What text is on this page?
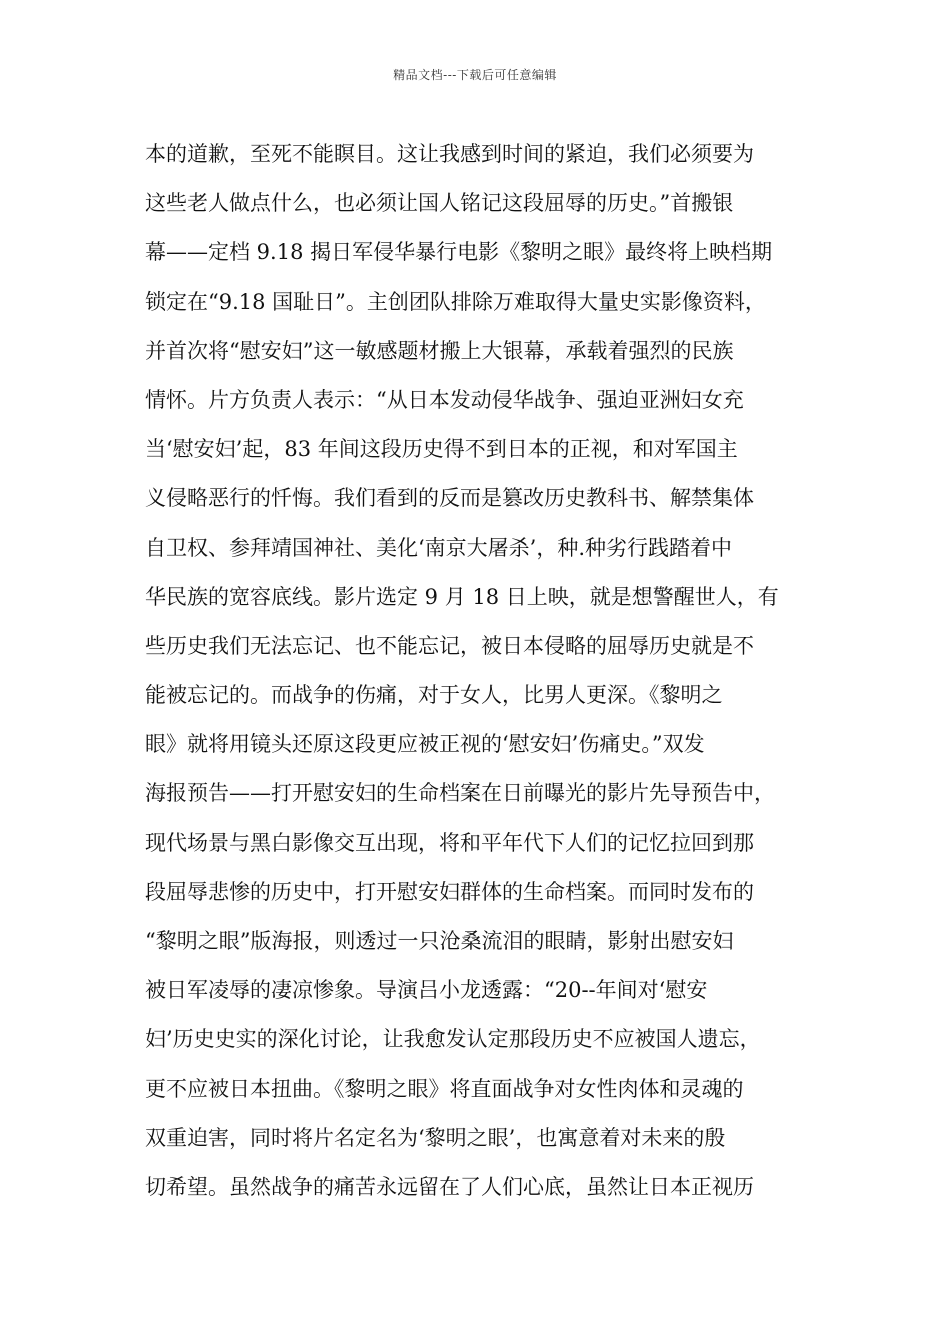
精品文档---下载后可任意编辑
本的道歉，至死不能瞑目。这让我感到时间的紧迫，我们必须要为
这些老人做点什么，也必须让国人铭记这段屈辱的历史。”首搬银
幕——定档 9.18 揭日军侵华暴行电影《黎明之眼》最终将上映档期
锁定在“9.18 国耻日”。主创团队排除万难取得大量史实影像资料，
并首次将“慰安妇”这一敏感题材搬上大银幕，承载着强烈的民族
情怀。片方负责人表示：“从日本发动侵华战争、强迫亚洲妇女充
当‘慰安妇’起，83 年间这段历史得不到日本的正视，和对军国主
义侵略恶行的忏悔。我们看到的反而是篡改历史教科书、解禁集体
自卫权、参拜靖国神社、美化‘南京大屠杀’，种.种劣行践踏着中
华民族的宽容底线。影片选定 9 月 18 日上映，就是想警醒世人，有
些历史我们无法忘记、也不能忘记，被日本侵略的屈辱历史就是不
能被忘记的。而战争的伤痛，对于女人，比男人更深。《黎明之
眼》就将用镜头还原这段更应被正视的‘慰安妇’伤痛史。”双发
海报预告——打开慰安妇的生命档案在日前曝光的影片先导预告中，
现代场景与黑白影像交互出现，将和平年代下人们的记忆拉回到那
段屈辱悲惨的历史中，打开慰安妇群体的生命档案。而同时发布的
“黎明之眼”版海报，则透过一只沧桑流泪的眼睛，影射出慰安妇
被日军凌辱的凄凉惨象。导演吕小龙透露：“20--年间对‘慰安
妇’历史史实的深化讨论，让我愈发认定那段历史不应被国人遗忘，
更不应被日本扭曲。《黎明之眼》将直面战争对女性肉体和灵魂的
双重迫害，同时将片名定名为‘黎明之眼’，也寓意着对未来的殷
切希望。虽然战争的痛苦永远留在了人们心底，虽然让日本正视历
